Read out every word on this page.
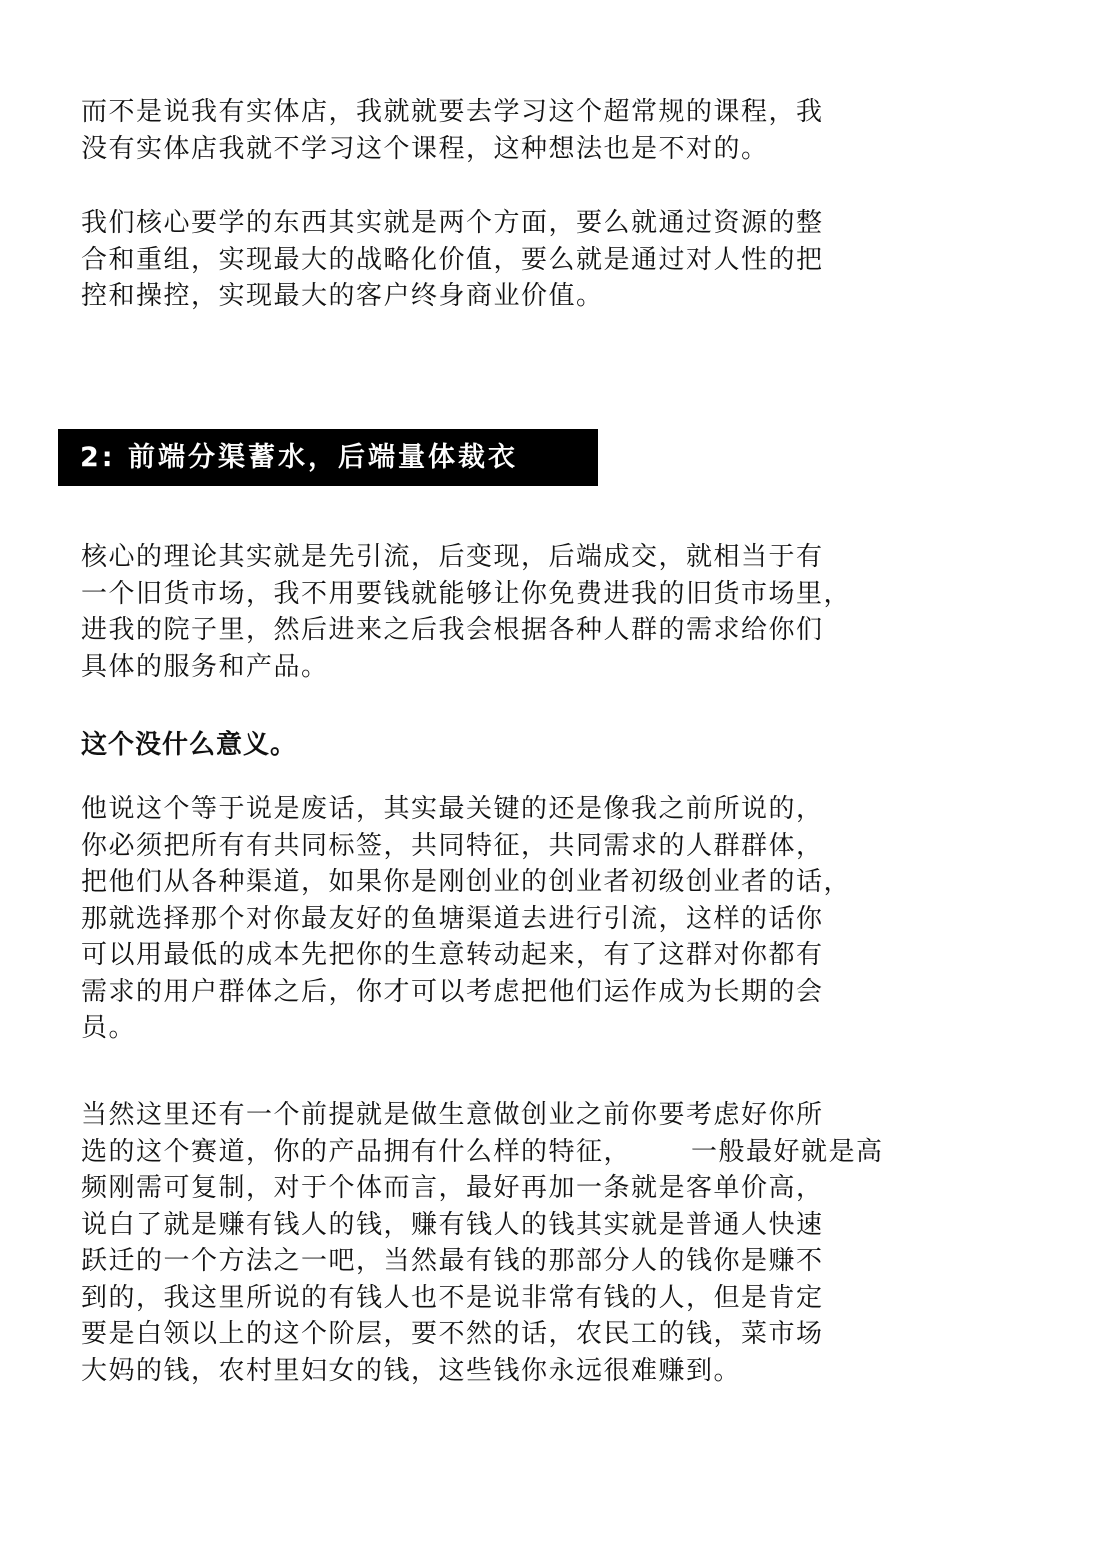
而不是说我有实体店，我就就要去学习这个超常规的课程，我
没有实体店我就不学习这个课程，这种想法也是不对的。
我们核心要学的东西其实就是两个方面，要么就通过资源的整
合和重组，实现最大的战略化价值，要么就是通过对人性的把
控和操控，实现最大的客户终身商业价值。
2: 前端分渠蓄水，后端量体裁衣
核心的理论其实就是先引流，后变现，后端成交，就相当于有
一个旧货市场，我不用要钱就能够让你免费进我的旧货市场里，
进我的院子里，然后进来之后我会根据各种人群的需求给你们
具体的服务和产品。
这个没什么意义。
他说这个等于说是废话，其实最关键的还是像我之前所说的，
你必须把所有有共同标签，共同特征，共同需求的人群群体，
把他们从各种渠道，如果你是刚创业的创业者初级创业者的话，
那就选择那个对你最友好的鱼塘渠道去进行引流，这样的话你
可以用最低的成本先把你的生意转动起来，有了这群对你都有
需求的用户群体之后，你才可以考虑把他们运作成为长期的会
员。
当然这里还有一个前提就是做生意做创业之前你要考虑好你所
选的这个赛道，你的产品拥有什么样的特征， 一般最好就是高
频刚需可复制，对于个体而言，最好再加一条就是客单价高，
说白了就是赚有钱人的钱，赚有钱人的钱其实就是普通人快速
跃迁的一个方法之一吧，当然最有钱的那部分人的钱你是赚不
到的，我这里所说的有钱人也不是说非常有钱的人，但是肯定
要是白领以上的这个阶层，要不然的话，农民工的钱，菜市场
大妈的钱，农村里妇女的钱，这些钱你永远很难赚到。
